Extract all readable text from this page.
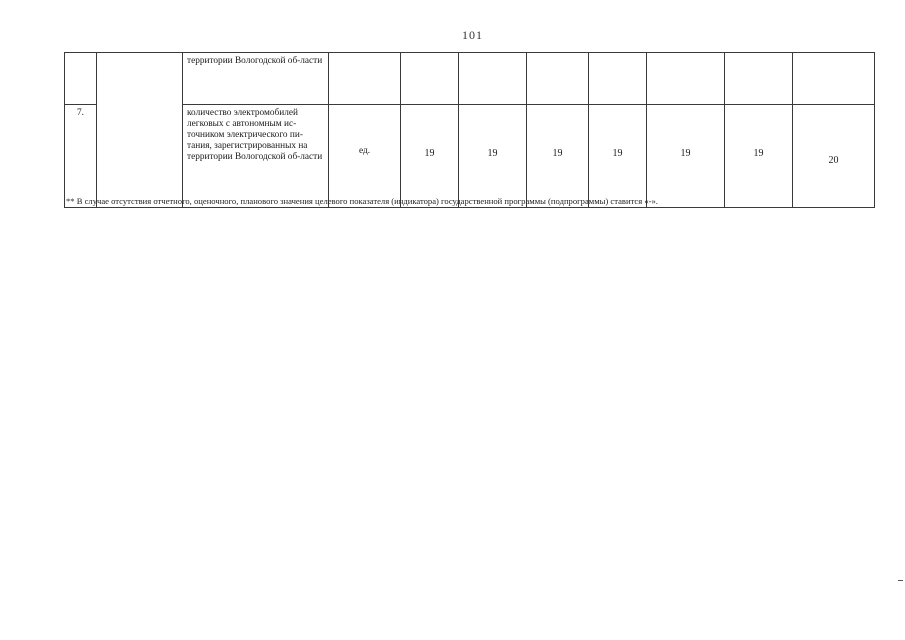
101
		территории Вологодской об-ласти								
7.		количество электромобилей легковых с автономным ис-точником электрического пи-тания, зарегистрированных на территории Вологодской об-ласти	ед.	19	19	19	19	19	19	20
** В случае отсутствия отчетного, оценочного, планового значения целевого показателя (индикатора) государственной программы (подпрограммы) ставится «-».
